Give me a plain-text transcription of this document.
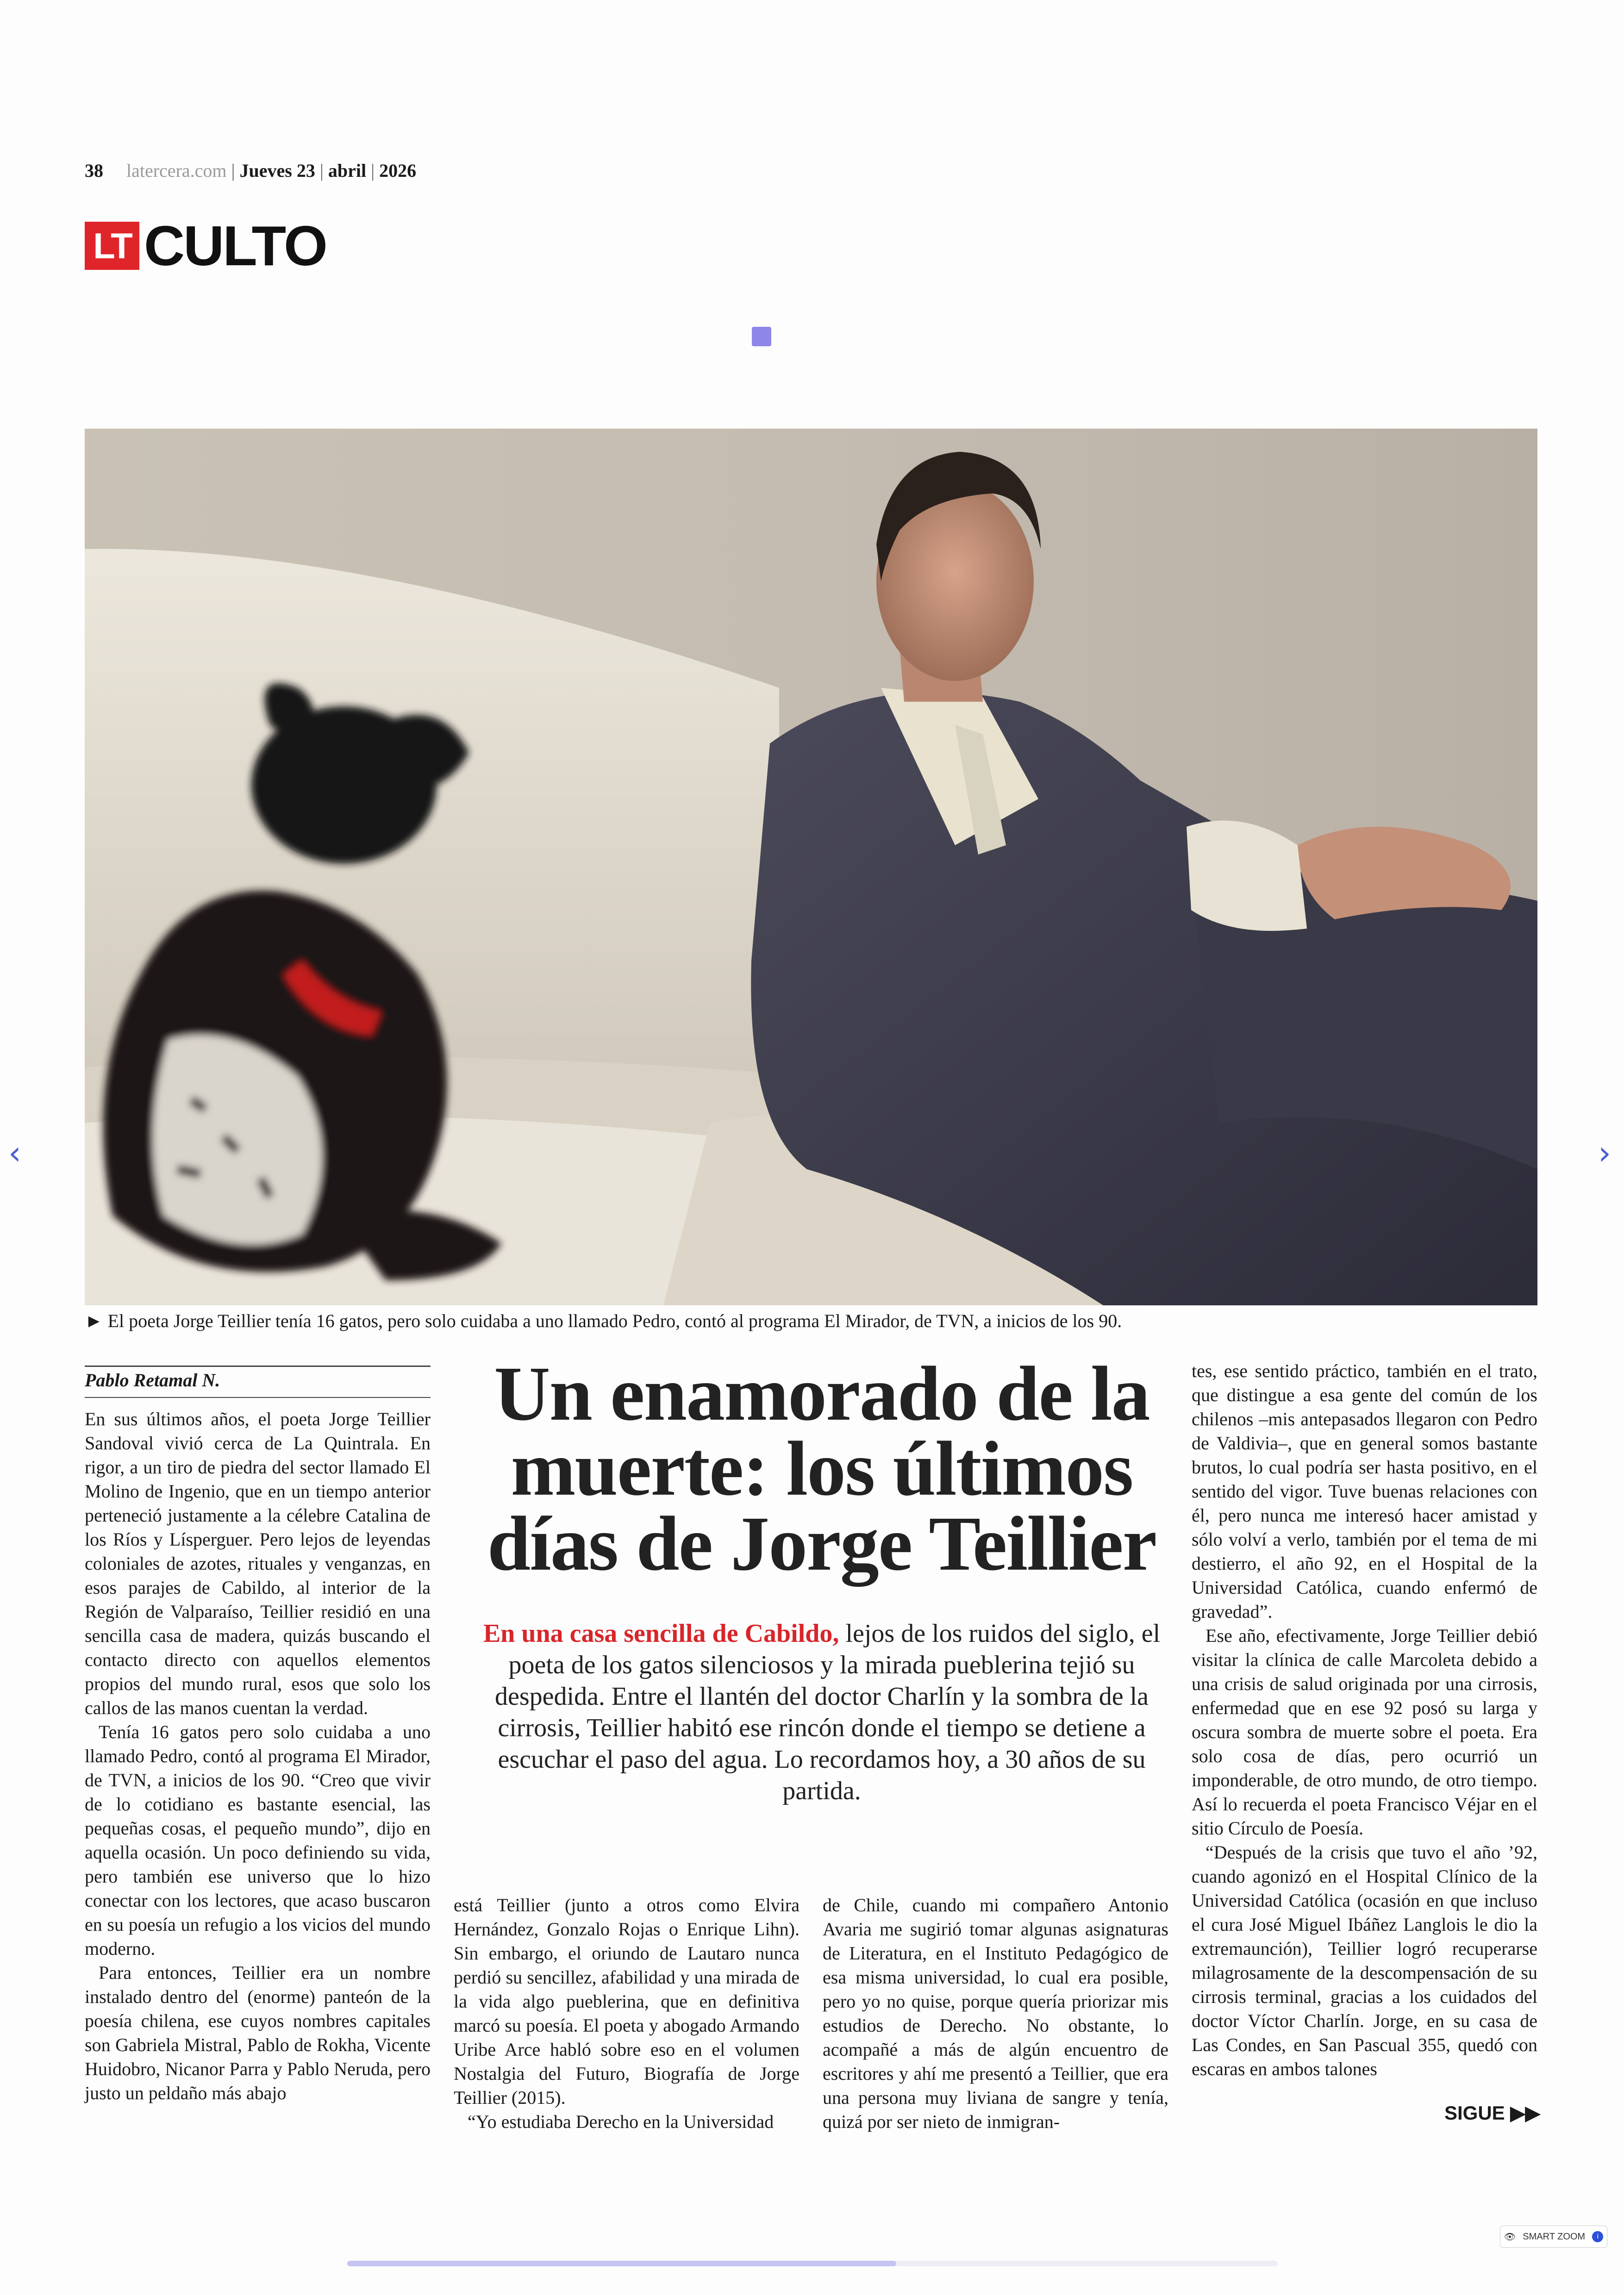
38 latercera.com | Jueves 23 | abril | 2026
LT CULTO
► El poeta Jorge Teillier tenía 16 gatos, pero solo cuidaba a uno llamado Pedro, contó al programa El Mirador, de TVN, a inicios de los 90.
Pablo Retamal N.

En sus últimos años, el poeta Jorge Teillier Sandoval vivió cerca de La Quintrala. En rigor, a un tiro de piedra del sector llamado El Molino de Ingenio, que en un tiempo anterior perteneció justamente a la célebre Catalina de los Ríos y Lísperguer. Pero lejos de leyendas coloniales de azotes, rituales y venganzas, en esos parajes de Cabildo, al interior de la Región de Valparaíso, Teillier residió en una sencilla casa de madera, quizás buscando el contacto directo con aquellos elementos propios del mundo rural, esos que solo los callos de las manos cuentan la verdad.

Tenía 16 gatos pero solo cuidaba a uno llamado Pedro, contó al programa El Mirador, de TVN, a inicios de los 90. “Creo que vivir de lo cotidiano es bastante esencial, las pequeñas cosas, el pequeño mundo”, dijo en aquella ocasión. Un poco definiendo su vida, pero también ese universo que lo hizo conectar con los lectores, que acaso buscaron en su poesía un refugio a los vicios del mundo moderno.

Para entonces, Teillier era un nombre instalado dentro del (enorme) panteón de la poesía chilena, ese cuyos nombres capitales son Gabriela Mistral, Pablo de Rokha, Vicente Huidobro, Nicanor Parra y Pablo Neruda, pero justo un peldaño más abajo

Un enamorado de la muerte: los últimos días de Jorge Teillier
En una casa sencilla de Cabildo, lejos de los ruidos del siglo, el poeta de los gatos silenciosos y la mirada pueblerina tejió su despedida. Entre el llantén del doctor Charlín y la sombra de la cirrosis, Teillier habitó ese rincón donde el tiempo se detiene a escuchar el paso del agua. Lo recordamos hoy, a 30 años de su partida.

está Teillier (junto a otros como Elvira Hernández, Gonzalo Rojas o Enrique Lihn). Sin embargo, el oriundo de Lautaro nunca perdió su sencillez, afabilidad y una mirada de la vida algo pueblerina, que en definitiva marcó su poesía. El poeta y abogado Armando Uribe Arce habló sobre eso en el volumen Nostalgia del Futuro, Biografía de Jorge Teillier (2015).

“Yo estudiaba Derecho en la Universidad

de Chile, cuando mi compañero Antonio Avaria me sugirió tomar algunas asignaturas de Literatura, en el Instituto Pedagógico de esa misma universidad, lo cual era posible, pero yo no quise, porque quería priorizar mis estudios de Derecho. No obstante, lo acompañé a más de algún encuentro de escritores y ahí me presentó a Teillier, que era una persona muy liviana de sangre y tenía, quizá por ser nieto de inmigran-

tes, ese sentido práctico, también en el trato, que distingue a esa gente del común de los chilenos –mis antepasados llegaron con Pedro de Valdivia–, que en general somos bastante brutos, lo cual podría ser hasta positivo, en el sentido del vigor. Tuve buenas relaciones con él, pero nunca me interesó hacer amistad y sólo volví a verlo, también por el tema de mi destierro, el año 92, en el Hospital de la Universidad Católica, cuando enfermó de gravedad”.

Ese año, efectivamente, Jorge Teillier debió visitar la clínica de calle Marcoleta debido a una crisis de salud originada por una cirrosis, enfermedad que en ese 92 posó su larga y oscura sombra de muerte sobre el poeta. Era solo cosa de días, pero ocurrió un imponderable, de otro mundo, de otro tiempo. Así lo recuerda el poeta Francisco Véjar en el sitio Círculo de Poesía.

“Después de la crisis que tuvo el año ’92, cuando agonizó en el Hospital Clínico de la Universidad Católica (ocasión en que incluso el cura José Miguel Ibáñez Langlois le dio la extremaunción), Teillier logró recuperarse milagrosamente de la descompensación de su cirrosis terminal, gracias a los cuidados del doctor Víctor Charlín. Jorge, en su casa de Las Condes, en San Pascual 355, quedó con escaras en ambos talones

SIGUE ▶▶
‹	›
👁 SMART ZOOM	i
